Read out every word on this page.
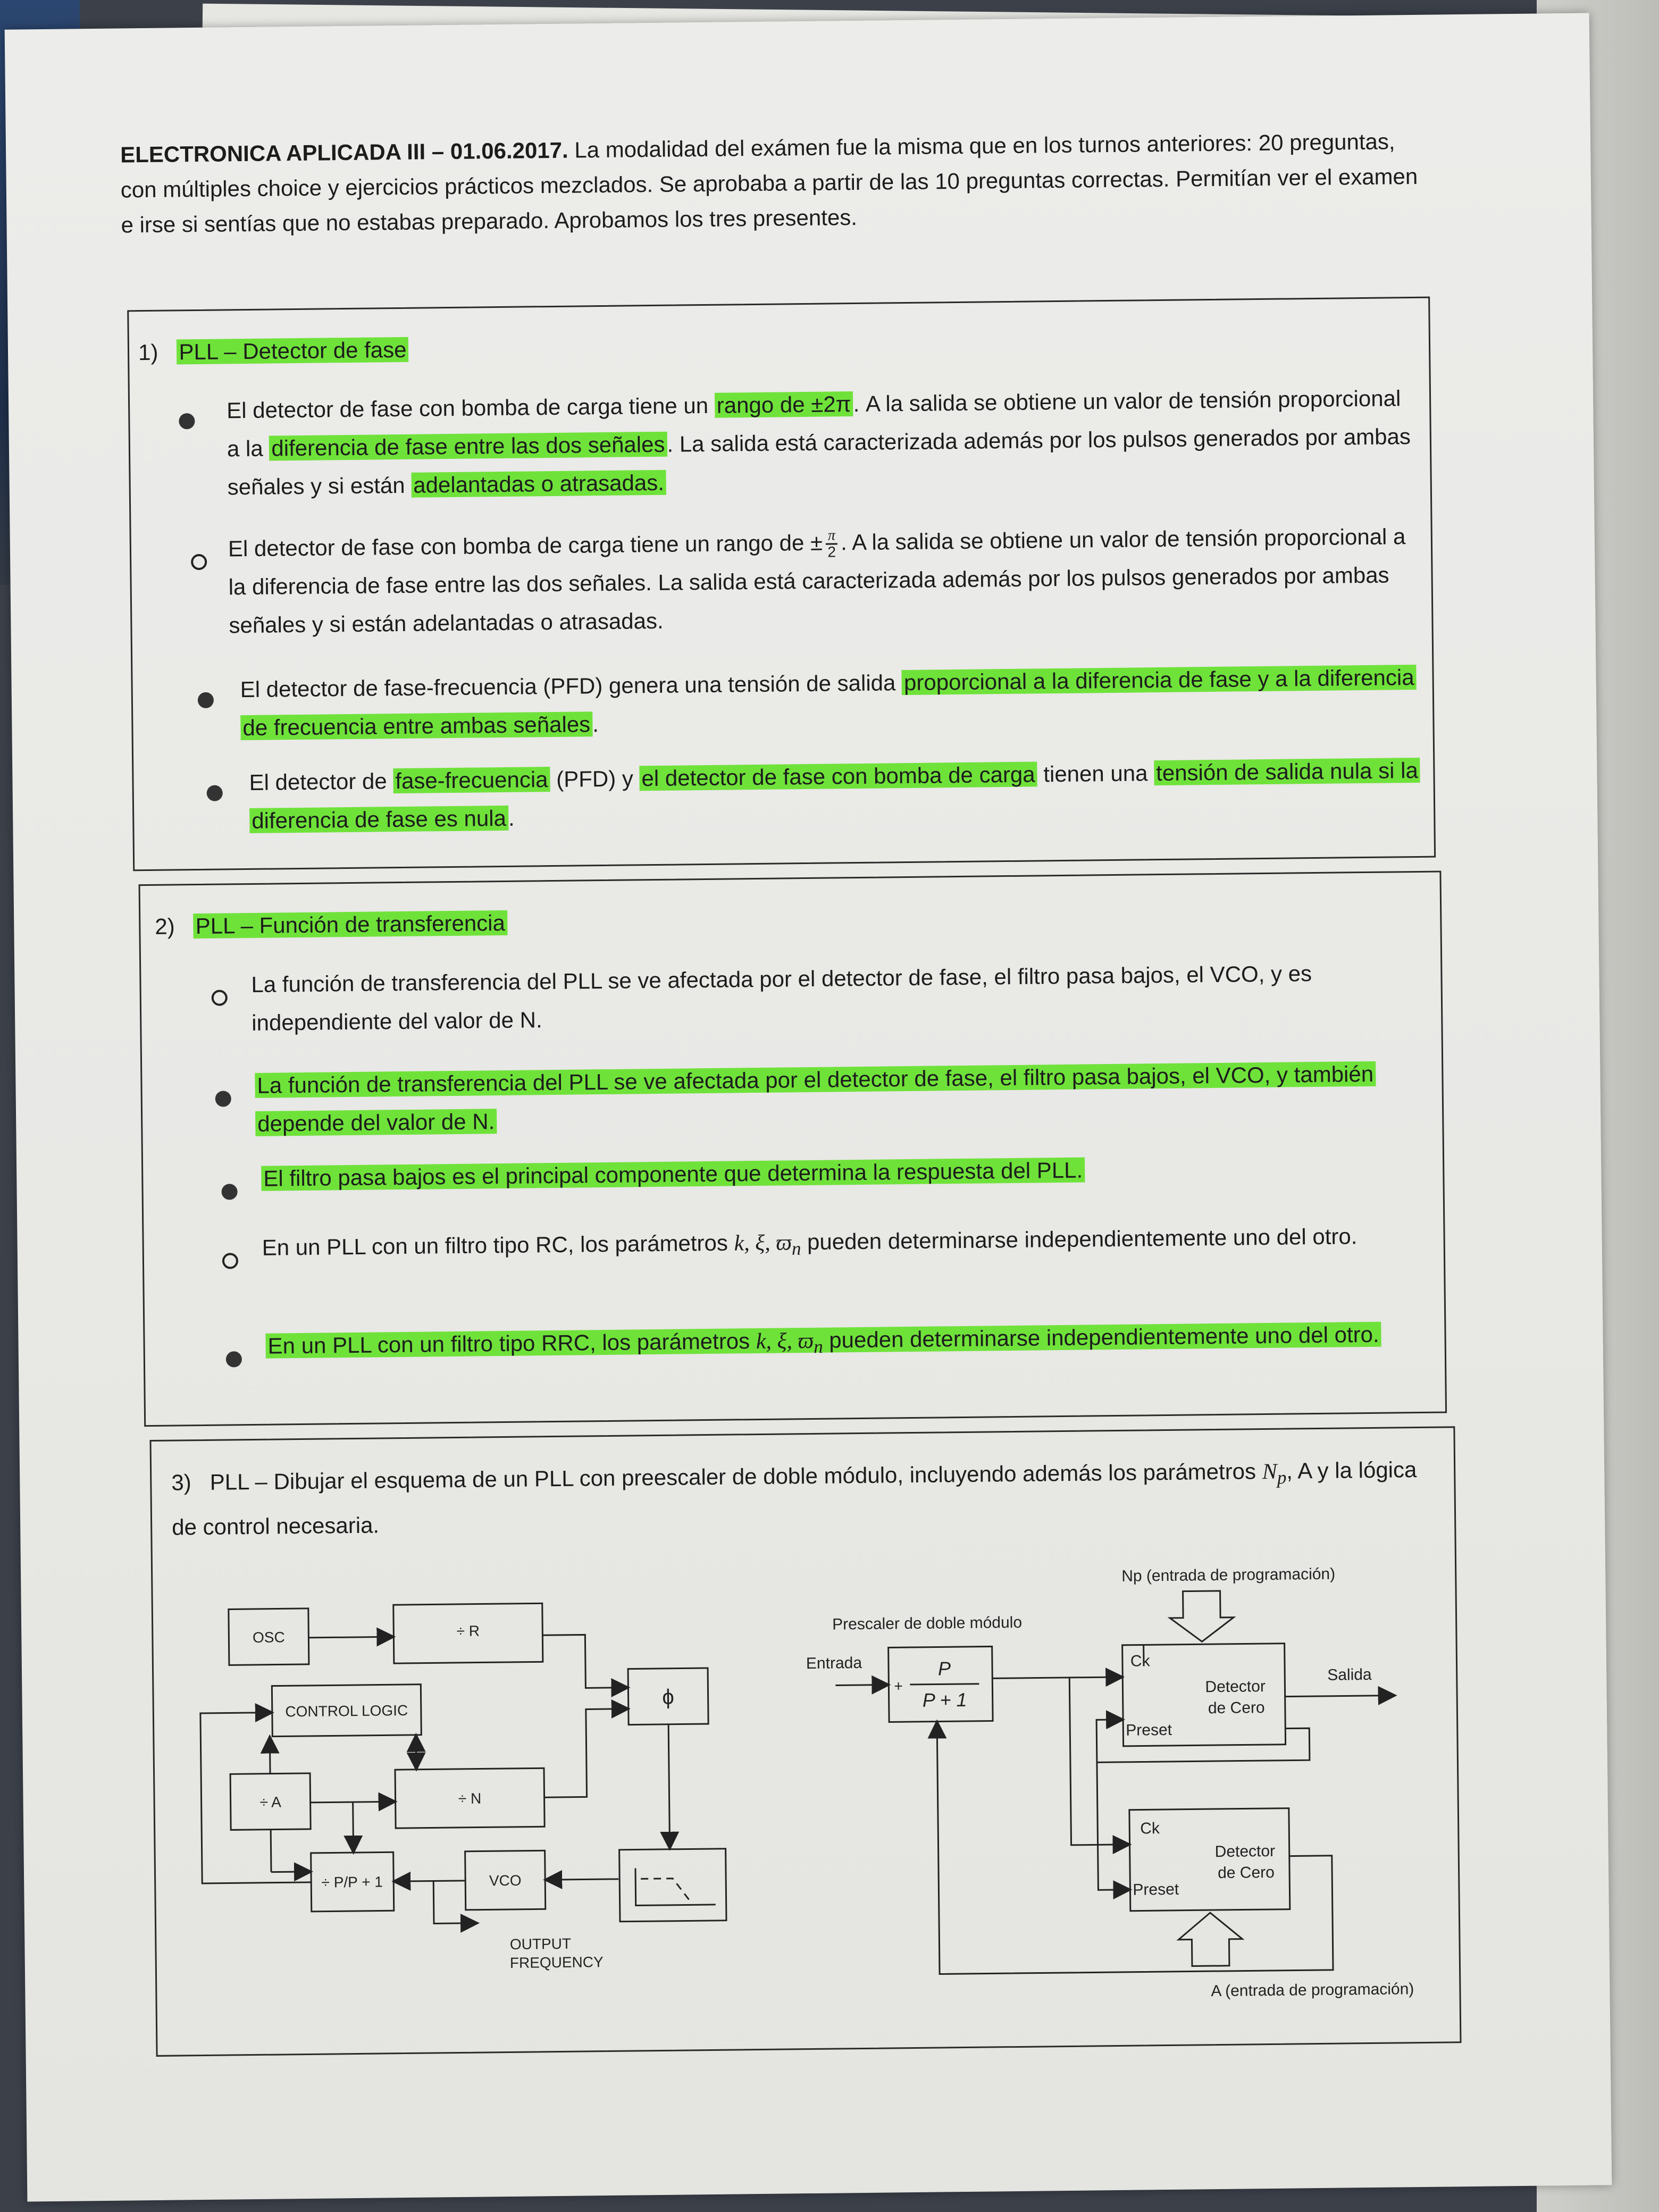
ELECTRONICA APLICADA III – 01.06.2017. La modalidad del exámen fue la misma que en los turnos anteriores: 20 preguntas, con múltiples choice y ejercicios prácticos mezclados. Se aprobaba a partir de las 10 preguntas correctas. Permitían ver el examen e irse si sentías que no estabas preparado. Aprobamos los tres presentes.
1) PLL – Detector de fase
El detector de fase con bomba de carga tiene un rango de ±2π. A la salida se obtiene un valor de tensión proporcional a la diferencia de fase entre las dos señales. La salida está caracterizada además por los pulsos generados por ambas señales y si están adelantadas o atrasadas.
El detector de fase con bomba de carga tiene un rango de ± $\frac{\pi}{2}$ . A la salida se obtiene un valor de tensión proporcional a la diferencia de fase entre las dos señales. La salida está caracterizada además por los pulsos generados por ambas señales y si están adelantadas o atrasadas.
El detector de fase-frecuencia (PFD) genera una tensión de salida proporcional a la diferencia de fase y a la diferencia de frecuencia entre ambas señales.
El detector de fase-frecuencia (PFD) y el detector de fase con bomba de carga tienen una tensión de salida nula si la diferencia de fase es nula.
2) PLL – Función de transferencia
La función de transferencia del PLL se ve afectada por el detector de fase, el filtro pasa bajos, el VCO, y es independiente del valor de N.
La función de transferencia del PLL se ve afectada por el detector de fase, el filtro pasa bajos, el VCO, y también depende del valor de N.
El filtro pasa bajos es el principal componente que determina la respuesta del PLL.
En un PLL con un filtro tipo RC, los parámetros k, ξ, $ϖ_n$ pueden determinarse independientemente uno del otro.
En un PLL con un filtro tipo RRC, los parámetros k, ξ, $ϖ_n$ pueden determinarse independientemente uno del otro.
3) PLL – Dibujar el esquema de un PLL con preescaler de doble módulo, incluyendo además los parámetros $N_p$, A y la lógica de control necesaria.
OSC	÷ R
CONTROL LOGIC
ϕ
÷ A	÷ N
÷ P/P + 1	VCO
OUTPUT
FREQUENCY
Np (entrada de programación)
Prescaler de doble módulo
Entrada
+
P
P + 1
Ck
Detector
de Cero
Preset
Salida
Ck
Detector
de Cero
Preset
A (entrada de programación)
